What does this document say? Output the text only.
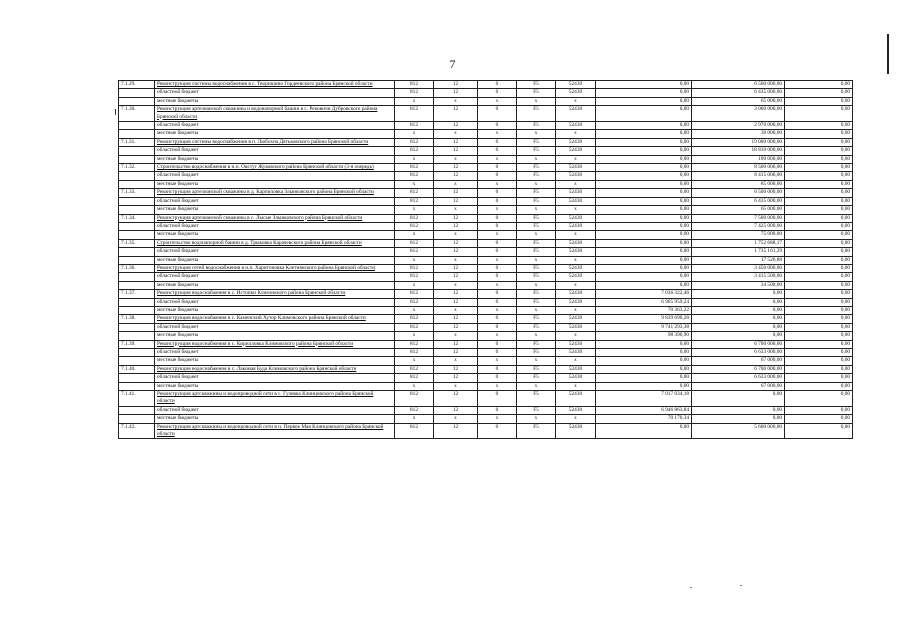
7
7.1.29.	Реконструкция системы водоснабжения в с. Творишино Гордеевского района Брянской области	812	12	0	F5	52430	0,00	6 500 000,00	0,00
	областной бюджет	812	12	0	F5	52430	0,00	6 435 000,00	0,00
	местные бюджеты	x	x	x	x	x	0,00	65 000,00	0,00
7.1.30.	Реконструкция артезианской скважины и водонапорной башни в с. Рековичи Дубровского района Брянской области	812	12	0	F5	52430	0,00	3 000 000,00	0,00
	областной бюджет	812	12	0	F5	52430	0,00	2 970 000,00	0,00
	местные бюджеты	x	x	x	x	x	0,00	30 000,00	0,00
7.1.31.	Реконструкция системы водоснабжения в п. Любохна Дятьковского района Брянской области	812	12	0	F5	52430	0,00	19 000 000,00	0,00
	областной бюджет	812	12	0	F5	52430	0,00	18 810 000,00	0,00
	местные бюджеты	x	x	x	x	x	0,00	190 000,00	0,00
7.1.32.	Строительство водоснабжения в н.п. Овстуг Жуковского района Брянской области (3-я очередь)	812	12	0	F5	52430	0,00	8 500 000,00	0,00
	областной бюджет	812	12	0	F5	52430	0,00	8 415 000,00	0,00
	местные бюджеты	x	x	x	x	x	0,00	85 000,00	0,00
7.1.33.	Реконструкция артезианской скважины в д. Карпиловка Злынковского района Брянской области	812	12	0	F5	52430	0,00	6 500 000,00	0,00
	областной бюджет	812	12	0	F5	52430	0,00	6 435 000,00	0,00
	местные бюджеты	x	x	x	x	x	0,00	65 000,00	0,00
7.1.34.	Реконструкция артезианской скважины в с. Лысые Злынковского района Брянской области	812	12	0	F5	52430	0,00	7 500 000,00	0,00
	областной бюджет	812	12	0	F5	52430	0,00	7 425 000,00	0,00
	местные бюджеты	x	x	x	x	x	0,00	75 000,00	0,00
7.1.35.	Строительство водонапорной башни в д. Трыковка Карачевского района Брянской области	812	12	0	F5	52430	0,00	1 752 688,17	0,00
	областной бюджет	812	12	0	F5	52430	0,00	1 735 161,29	0,00
	местные бюджеты	x	x	x	x	x	0,00	17 526,88	0,00
7.1.36.	Реконструкция сетей водоснабжения в н.п. Харитоновка Клетнянского района Брянской области	812	12	0	F5	52430	0,00	3 450 000,00	0,00
	областной бюджет	812	12	0	F5	52430	0,00	3 415 500,00	0,00
	местные бюджеты	x	x	x	x	x	0,00	34 500,00	0,00
7.1.37.	Реконструкция водоснабжения в с. Истопки Климовского района Брянской области	812	12	0	F5	52430	7 036 322,46	0,00	0,00
	областной бюджет	812	12	0	F5	52430	6 965 959,24	0,00	0,00
	местные бюджеты	x	x	x	x	x	70 363,22	0,00	0,00
7.1.38.	Реконструкция водоснабжения в с. Каменский Хутор Климовского района Брянской области	812	12	0	F5	52430	9 839 690,28	0,00	0,00
	областной бюджет	812	12	0	F5	52430	9 741 293,38	0,00	0,00
	местные бюджеты	x	x	x	x	x	98 396,90	0,00	0,00
7.1.39.	Реконструкция водоснабжения в с. Кирилловка Климовского района Брянской области	812	12	0	F5	52430	0,00	6 700 000,00	0,00
	областной бюджет	812	12	0	F5	52430	0,00	6 633 000,00	0,00
	местные бюджеты	x	x	x	x	x	0,00	67 000,00	0,00
7.1.40.	Реконструкция водоснабжения в с. Лакомая Буда Климовского района Брянской области	812	12	0	F5	52430	0,00	6 700 000,00	0,00
	областной бюджет	812	12	0	F5	52430	0,00	6 633 000,00	0,00
	местные бюджеты	x	x	x	x	x	0,00	67 000,00	0,00
7.1.41.	Реконструкция артскважины и водопроводной сети в с. Гулевка Клинцовского района Брянской области	812	12	0	F5	52430	7 017 034,18	0,00	0,00
	областной бюджет	812	12	0	F5	52430	6 946 863,84	0,00	0,00
	местные бюджеты	x	x	x	x	x	70 170,34	0,00	0,00
7.1.42.	Реконструкция артскважины и водопроводной сети в п. Первое Мая Клинцовского района Брянской области	812	12	0	F5	52430	0,00	5 600 000,00	0,00
